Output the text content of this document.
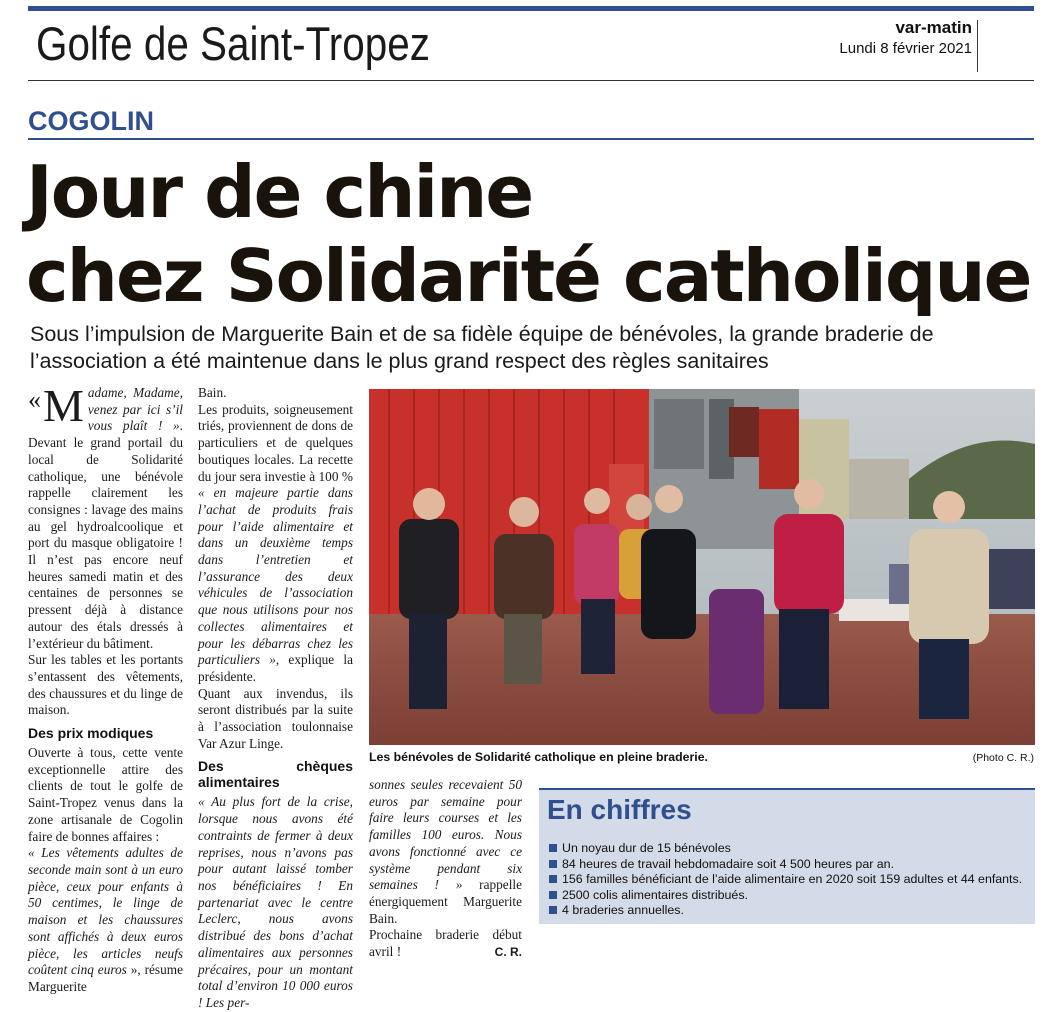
Golfe de Saint-Tropez	var-matin
Lundi 8 février 2021
COGOLIN
Jour de chine
chez Solidarité catholique
Sous l’impulsion de Marguerite Bain et de sa fidèle équipe de bénévoles, la grande braderie de l’association a été maintenue dans le plus grand respect des règles sanitaires

« M adame, Madame, venez par ici s’il vous plaît ! ». Devant le grand portail du local de Solidarité catholique, une bénévole rappelle clairement les consignes : lavage des mains au gel hydroalcoolique et port du masque obligatoire ! Il n’est pas encore neuf heures samedi matin et des centaines de personnes se pressent déjà à distance autour des étals dressés à l’extérieur du bâtiment.

Sur les tables et les portants s’entassent des vêtements, des chaussures et du linge de maison.

Des prix modiques

Ouverte à tous, cette vente exceptionnelle attire des clients de tout le golfe de Saint-Tropez venus dans la zone artisanale de Cogolin faire de bonnes affaires :

« Les vêtements adultes de seconde main sont à un euro pièce, ceux pour enfants à 50 centimes, le linge de maison et les chaussures sont affichés à deux euros pièce, les articles neufs coûtent cinq euros », résume Marguerite

Bain.

Les produits, soigneusement triés, proviennent de dons de particuliers et de quelques boutiques locales. La recette du jour sera investie à 100 % « en majeure partie dans l’achat de produits frais pour l’aide alimentaire et dans un deuxième temps dans l’entretien et l’assurance des deux véhicules de l’association que nous utilisons pour nos collectes alimentaires et pour les débarras chez les particuliers », explique la présidente.

Quant aux invendus, ils seront distribués par la suite à l’association toulonnaise Var Azur Linge.

Des chèques alimentaires

« Au plus fort de la crise, lorsque nous avons été contraints de fermer à deux reprises, nous n’avons pas pour autant laissé tomber nos bénéficiaires ! En partenariat avec le centre Leclerc, nous avons distribué des bons d’achat alimentaires aux personnes précaires, pour un montant total d’environ 10 000 euros ! Les per-

Les bénévoles de Solidarité catholique en pleine braderie.	(Photo C. R.)

sonnes seules recevaient 50 euros par semaine pour faire leurs courses et les familles 100 euros. Nous avons fonctionné avec ce système pendant six semaines ! » rappelle énergiquement Marguerite Bain.

Prochaine braderie début avril !	C. R.

En chiffres
Un noyau dur de 15 bénévoles
84 heures de travail hebdomadaire soit 4 500 heures par an.
156 familles bénéficiant de l’aide alimentaire en 2020 soit 159 adultes et 44 enfants.
2500 colis alimentaires distribués.
4 braderies annuelles.
